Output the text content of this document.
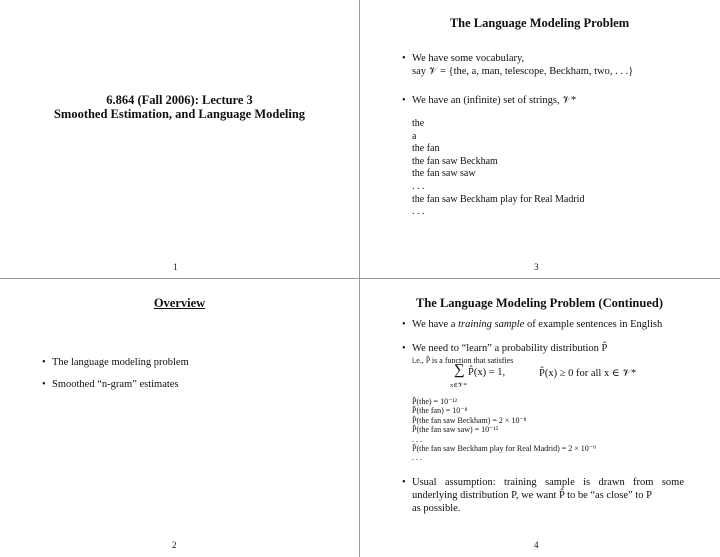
6.864 (Fall 2006): Lecture 3
Smoothed Estimation, and Language Modeling
1
The Language Modeling Problem
• We have some vocabulary,
say 𝒱 = {the, a, man, telescope, Beckham, two, . . .}
• We have an (infinite) set of strings, 𝒱*
the
a
the fan
the fan saw Beckham
the fan saw saw
. . .
the fan saw Beckham play for Real Madrid
. . .
3
Overview
• The language modeling problem
• Smoothed “n-gram” estimates
2
The Language Modeling Problem (Continued)
• We have a training sample of example sentences in English
• We need to “learn” a probability distribution P̂
i.e., P̂ is a function that satisfies
∑
x∈𝒱*
P̂(x) = 1,	P̂(x) ≥ 0 for all x ∈ 𝒱*
P̂(the) = 10⁻¹²
P̂(the fan) = 10⁻⁸
P̂(the fan saw Beckham) = 2 × 10⁻⁸
P̂(the fan saw saw) = 10⁻¹⁵
. . .
P̂(the fan saw Beckham play for Real Madrid) = 2 × 10⁻⁹
. . .
• Usual assumption: training sample is drawn from some
underlying distribution P, we want P̂ to be “as close” to P
as possible.
4
